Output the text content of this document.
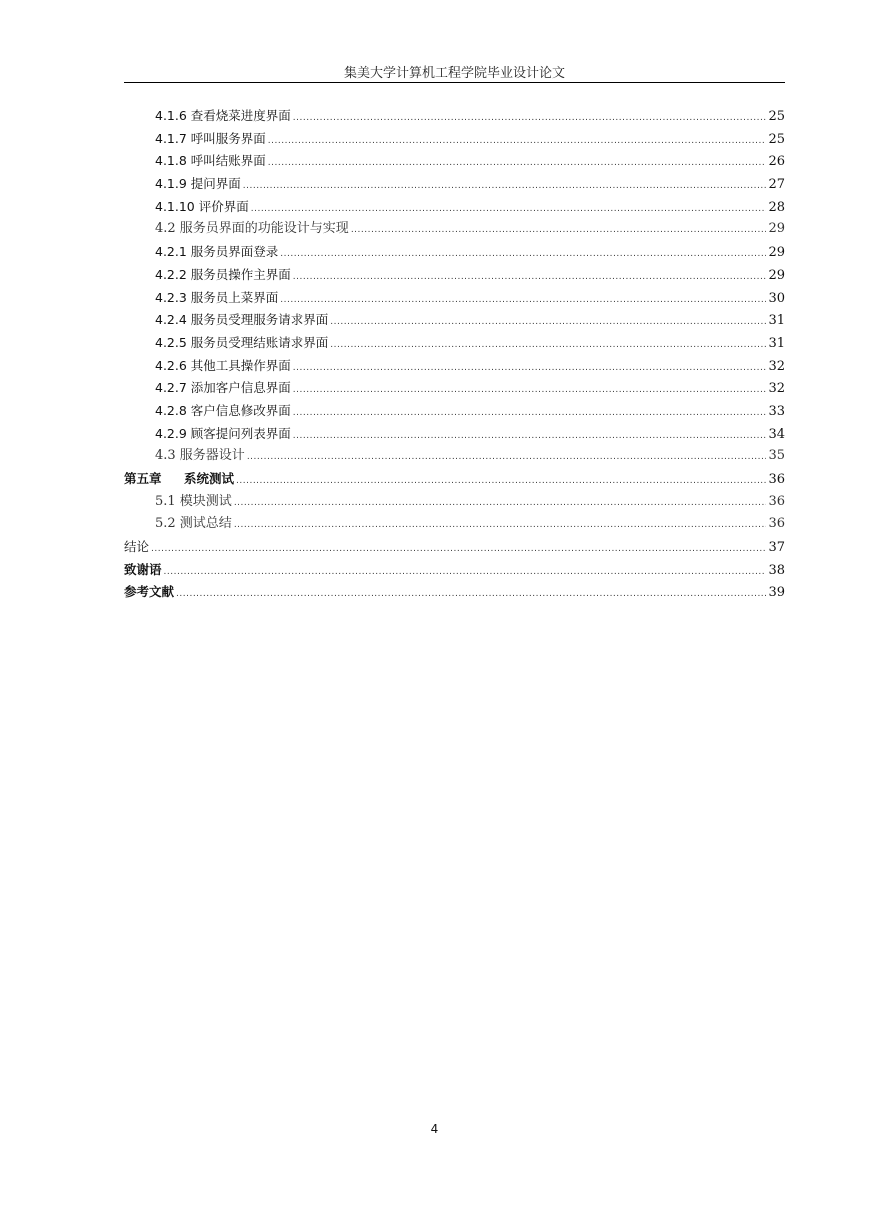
集美大学计算机工程学院毕业设计论文
4.1.6 查看烧菜进度界面 .....	25
4.1.7 呼叫服务界面 .....	25
4.1.8 呼叫结账界面 .....	26
4.1.9 提问界面 .....	27
4.1.10 评价界面 .....	28
4.2 服务员界面的功能设计与实现 .....	29
4.2.1 服务员界面登录 .....	29
4.2.2 服务员操作主界面 .....	29
4.2.3 服务员上菜界面 .....	30
4.2.4 服务员受理服务请求界面 .....	31
4.2.5 服务员受理结账请求界面 .....	31
4.2.6 其他工具操作界面 .....	32
4.2.7 添加客户信息界面 .....	32
4.2.8 客户信息修改界面 .....	33
4.2.9 顾客提问列表界面 .....	34
4.3 服务器设计 .....	35
第五章	系统测试 .....	36
5.1 模块测试 .....	36
5.2 测试总结 .....	36
结论 .....	37
致谢语 .....	38
参考文献 .....	39
4
